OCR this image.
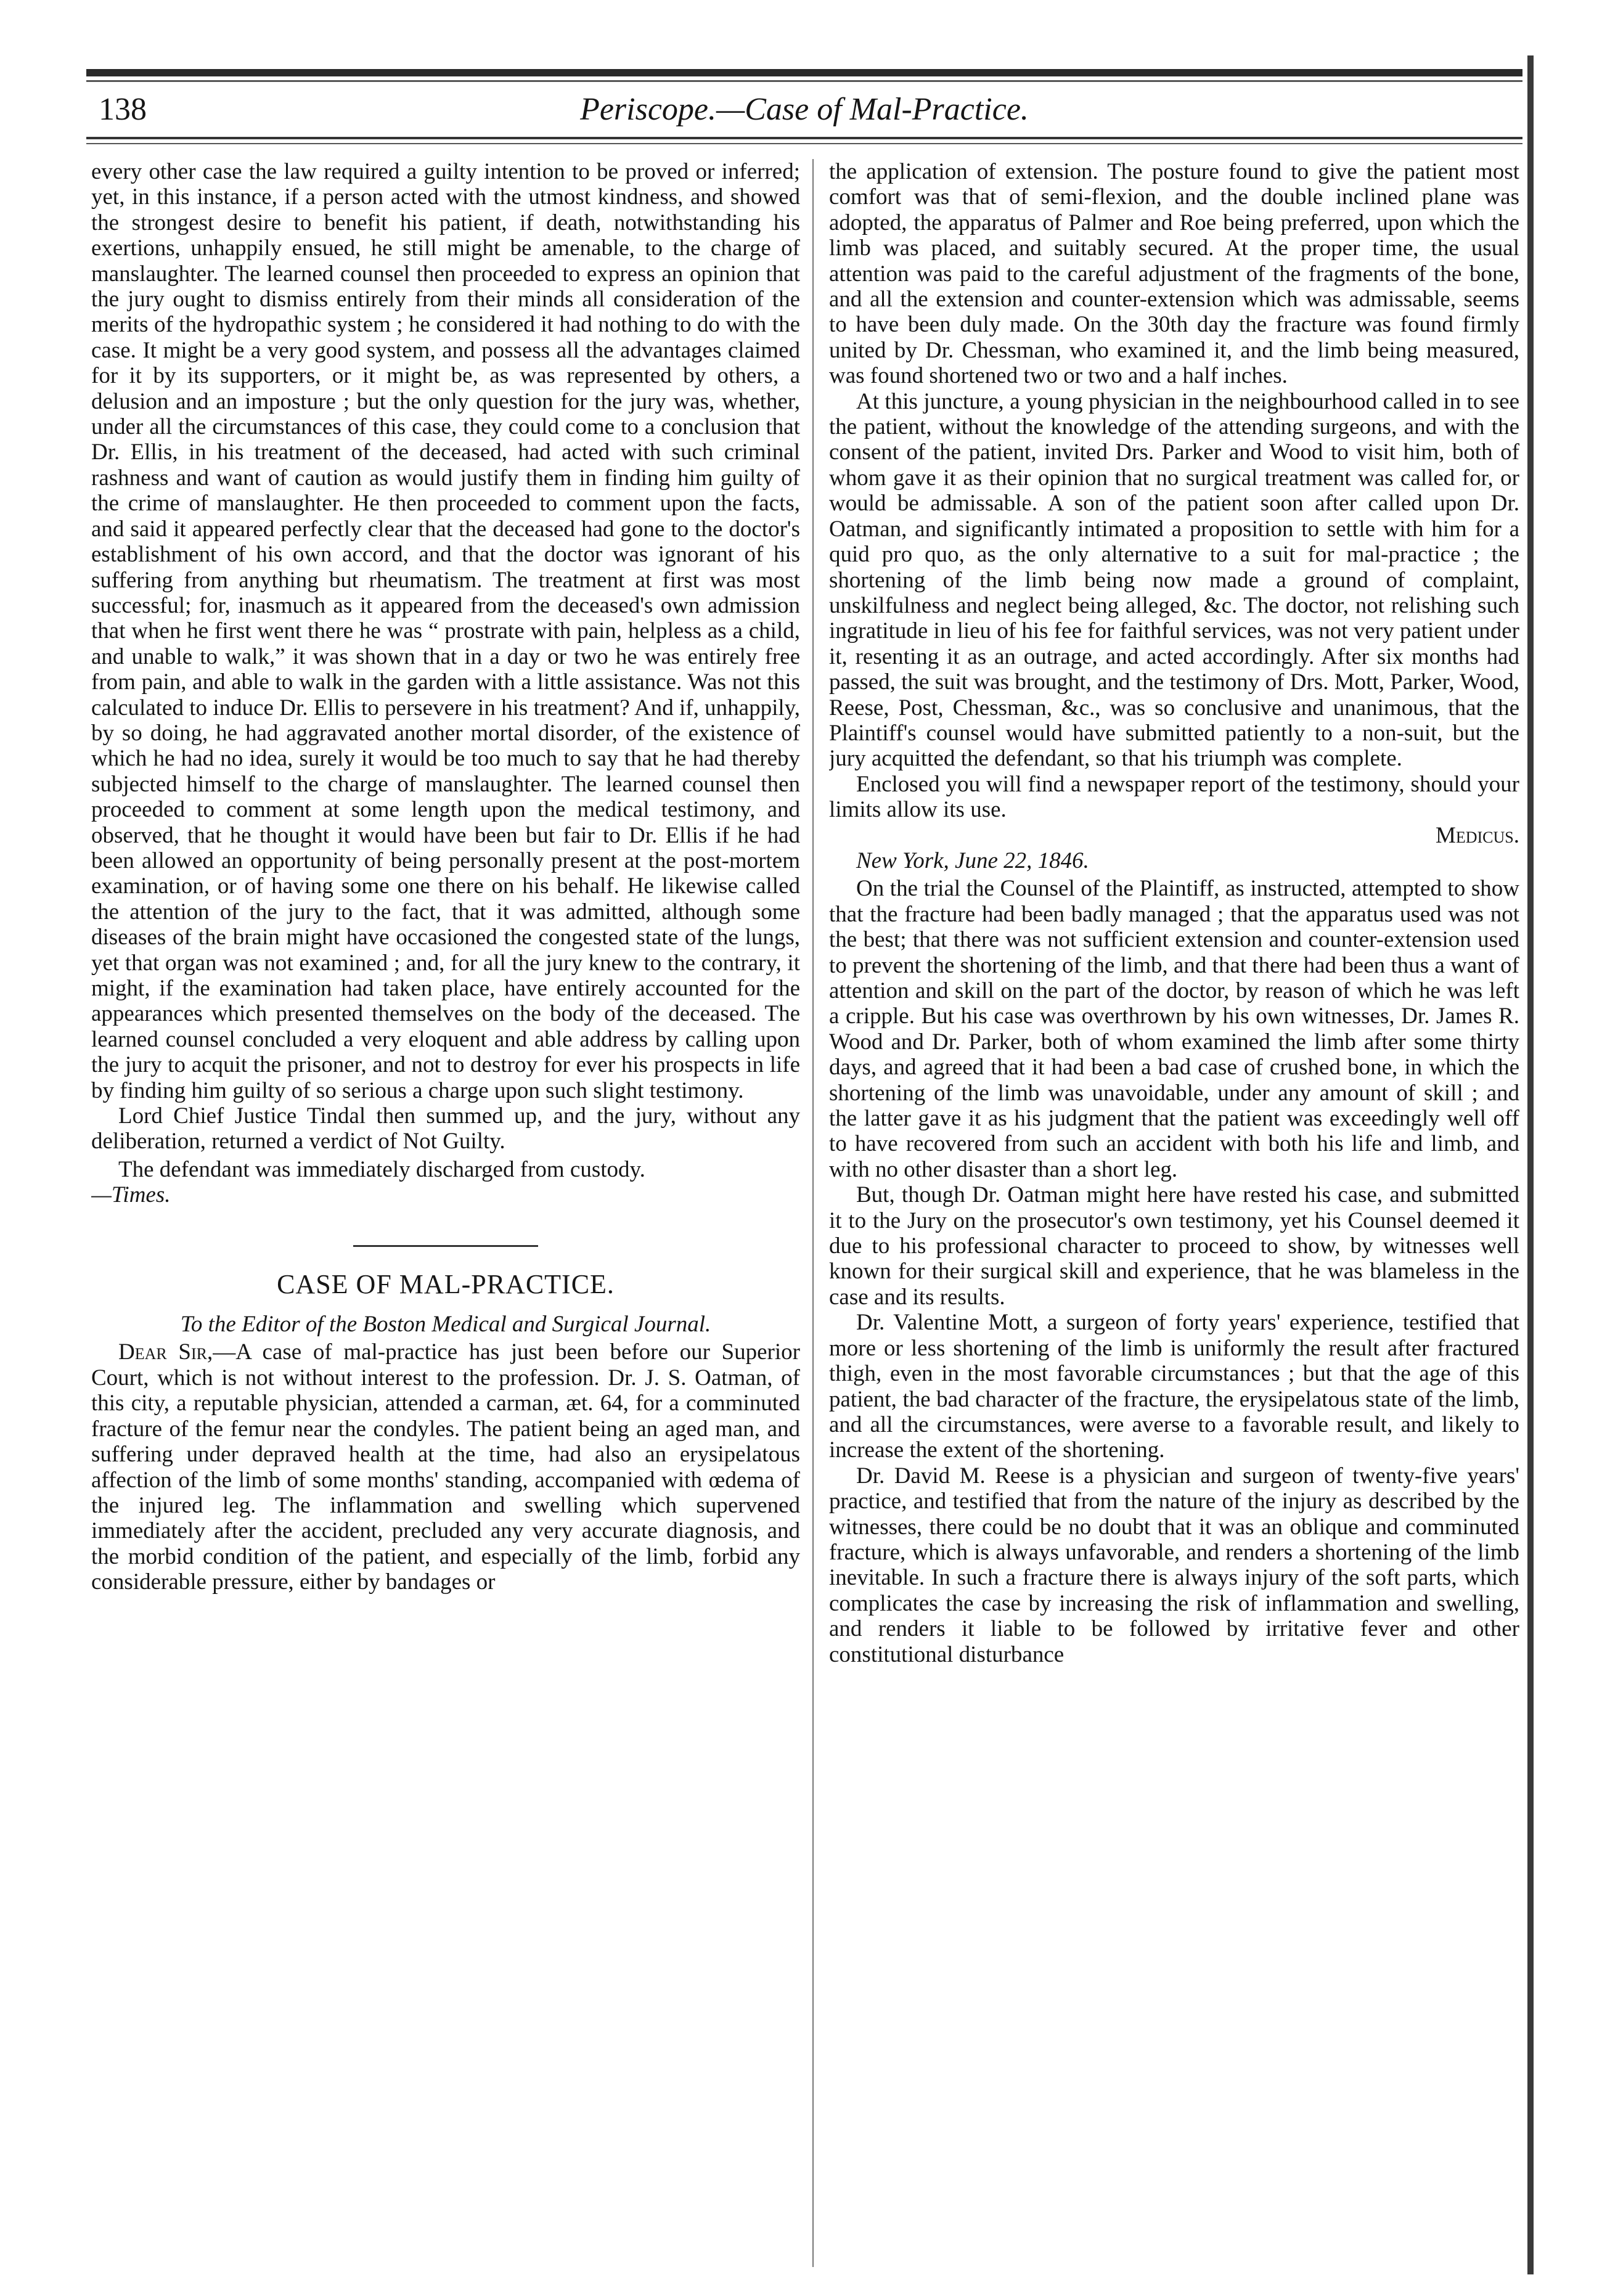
138	Periscope.—Case of Mal-Practice.

every other case the law required a guilty intention to be proved or inferred; yet, in this instance, if a person acted with the utmost kindness, and showed the strongest desire to benefit his patient, if death, notwithstanding his exertions, unhappily ensued, he still might be amenable, to the charge of manslaughter. The learned counsel then proceeded to express an opinion that the jury ought to dismiss entirely from their minds all consideration of the merits of the hydropathic system ; he considered it had nothing to do with the case. It might be a very good system, and possess all the advantages claimed for it by its supporters, or it might be, as was represented by others, a delusion and an imposture ; but the only question for the jury was, whether, under all the circumstances of this case, they could come to a conclusion that Dr. Ellis, in his treatment of the deceased, had acted with such criminal rashness and want of caution as would justify them in finding him guilty of the crime of manslaughter. He then proceeded to comment upon the facts, and said it appeared perfectly clear that the deceased had gone to the doctor's establishment of his own accord, and that the doctor was ignorant of his suffering from anything but rheumatism. The treatment at first was most successful; for, inasmuch as it appeared from the deceased's own admission that when he first went there he was “ prostrate with pain, helpless as a child, and unable to walk,” it was shown that in a day or two he was entirely free from pain, and able to walk in the garden with a little assistance. Was not this calculated to induce Dr. Ellis to persevere in his treatment? And if, unhappily, by so doing, he had aggravated another mortal disorder, of the existence of which he had no idea, surely it would be too much to say that he had thereby subjected himself to the charge of manslaughter. The learned counsel then proceeded to comment at some length upon the medical testimony, and observed, that he thought it would have been but fair to Dr. Ellis if he had been allowed an opportunity of being personally present at the post-mortem examination, or of having some one there on his behalf. He likewise called the attention of the jury to the fact, that it was admitted, although some diseases of the brain might have occasioned the congested state of the lungs, yet that organ was not examined ; and, for all the jury knew to the contrary, it might, if the examination had taken place, have entirely accounted for the appearances which presented themselves on the body of the deceased. The learned counsel concluded a very eloquent and able address by calling upon the jury to acquit the prisoner, and not to destroy for ever his prospects in life by finding him guilty of so serious a charge upon such slight testimony.

Lord Chief Justice Tindal then summed up, and the jury, without any deliberation, returned a verdict of Not Guilty.

The defendant was immediately discharged from custody.
—Times.

CASE OF MAL-PRACTICE.

To the Editor of the Boston Medical and Surgical Journal.

Dear Sir,—A case of mal-practice has just been before our Superior Court, which is not without interest to the profession. Dr. J. S. Oatman, of this city, a reputable physician, attended a carman, æt. 64, for a comminuted fracture of the femur near the condyles. The patient being an aged man, and suffering under depraved health at the time, had also an erysipelatous affection of the limb of some months' standing, accompanied with œdema of the injured leg. The inflammation and swelling which supervened immediately after the accident, precluded any very accurate diagnosis, and the morbid condition of the patient, and especially of the limb, forbid any considerable pressure, either by bandages or

the application of extension. The posture found to give the patient most comfort was that of semi-flexion, and the double inclined plane was adopted, the apparatus of Palmer and Roe being preferred, upon which the limb was placed, and suitably secured. At the proper time, the usual attention was paid to the careful adjustment of the fragments of the bone, and all the extension and counter-extension which was admissable, seems to have been duly made. On the 30th day the fracture was found firmly united by Dr. Chessman, who examined it, and the limb being measured, was found shortened two or two and a half inches.

At this juncture, a young physician in the neighbourhood called in to see the patient, without the knowledge of the attending surgeons, and with the consent of the patient, invited Drs. Parker and Wood to visit him, both of whom gave it as their opinion that no surgical treatment was called for, or would be admissable. A son of the patient soon after called upon Dr. Oatman, and significantly intimated a proposition to settle with him for a quid pro quo, as the only alternative to a suit for mal-practice ; the shortening of the limb being now made a ground of complaint, unskilfulness and neglect being alleged, &c. The doctor, not relishing such ingratitude in lieu of his fee for faithful services, was not very patient under it, resenting it as an outrage, and acted accordingly. After six months had passed, the suit was brought, and the testimony of Drs. Mott, Parker, Wood, Reese, Post, Chessman, &c., was so conclusive and unanimous, that the Plaintiff's counsel would have submitted patiently to a non-suit, but the jury acquitted the defendant, so that his triumph was complete.

Enclosed you will find a newspaper report of the testimony, should your limits allow its use.

Medicus.

New York, June 22, 1846.

On the trial the Counsel of the Plaintiff, as instructed, attempted to show that the fracture had been badly managed ; that the apparatus used was not the best; that there was not sufficient extension and counter-extension used to prevent the shortening of the limb, and that there had been thus a want of attention and skill on the part of the doctor, by reason of which he was left a cripple. But his case was overthrown by his own witnesses, Dr. James R. Wood and Dr. Parker, both of whom examined the limb after some thirty days, and agreed that it had been a bad case of crushed bone, in which the shortening of the limb was unavoidable, under any amount of skill ; and the latter gave it as his judgment that the patient was exceedingly well off to have recovered from such an accident with both his life and limb, and with no other disaster than a short leg.

But, though Dr. Oatman might here have rested his case, and submitted it to the Jury on the prosecutor's own testimony, yet his Counsel deemed it due to his professional character to proceed to show, by witnesses well known for their surgical skill and experience, that he was blameless in the case and its results.

Dr. Valentine Mott, a surgeon of forty years' experience, testified that more or less shortening of the limb is uniformly the result after fractured thigh, even in the most favorable circumstances ; but that the age of this patient, the bad character of the fracture, the erysipelatous state of the limb, and all the circumstances, were averse to a favorable result, and likely to increase the extent of the shortening.

Dr. David M. Reese is a physician and surgeon of twenty-five years' practice, and testified that from the nature of the injury as described by the witnesses, there could be no doubt that it was an oblique and comminuted fracture, which is always unfavorable, and renders a shortening of the limb inevitable. In such a fracture there is always injury of the soft parts, which complicates the case by increasing the risk of inflammation and swelling, and renders it liable to be followed by irritative fever and other constitutional disturbance
